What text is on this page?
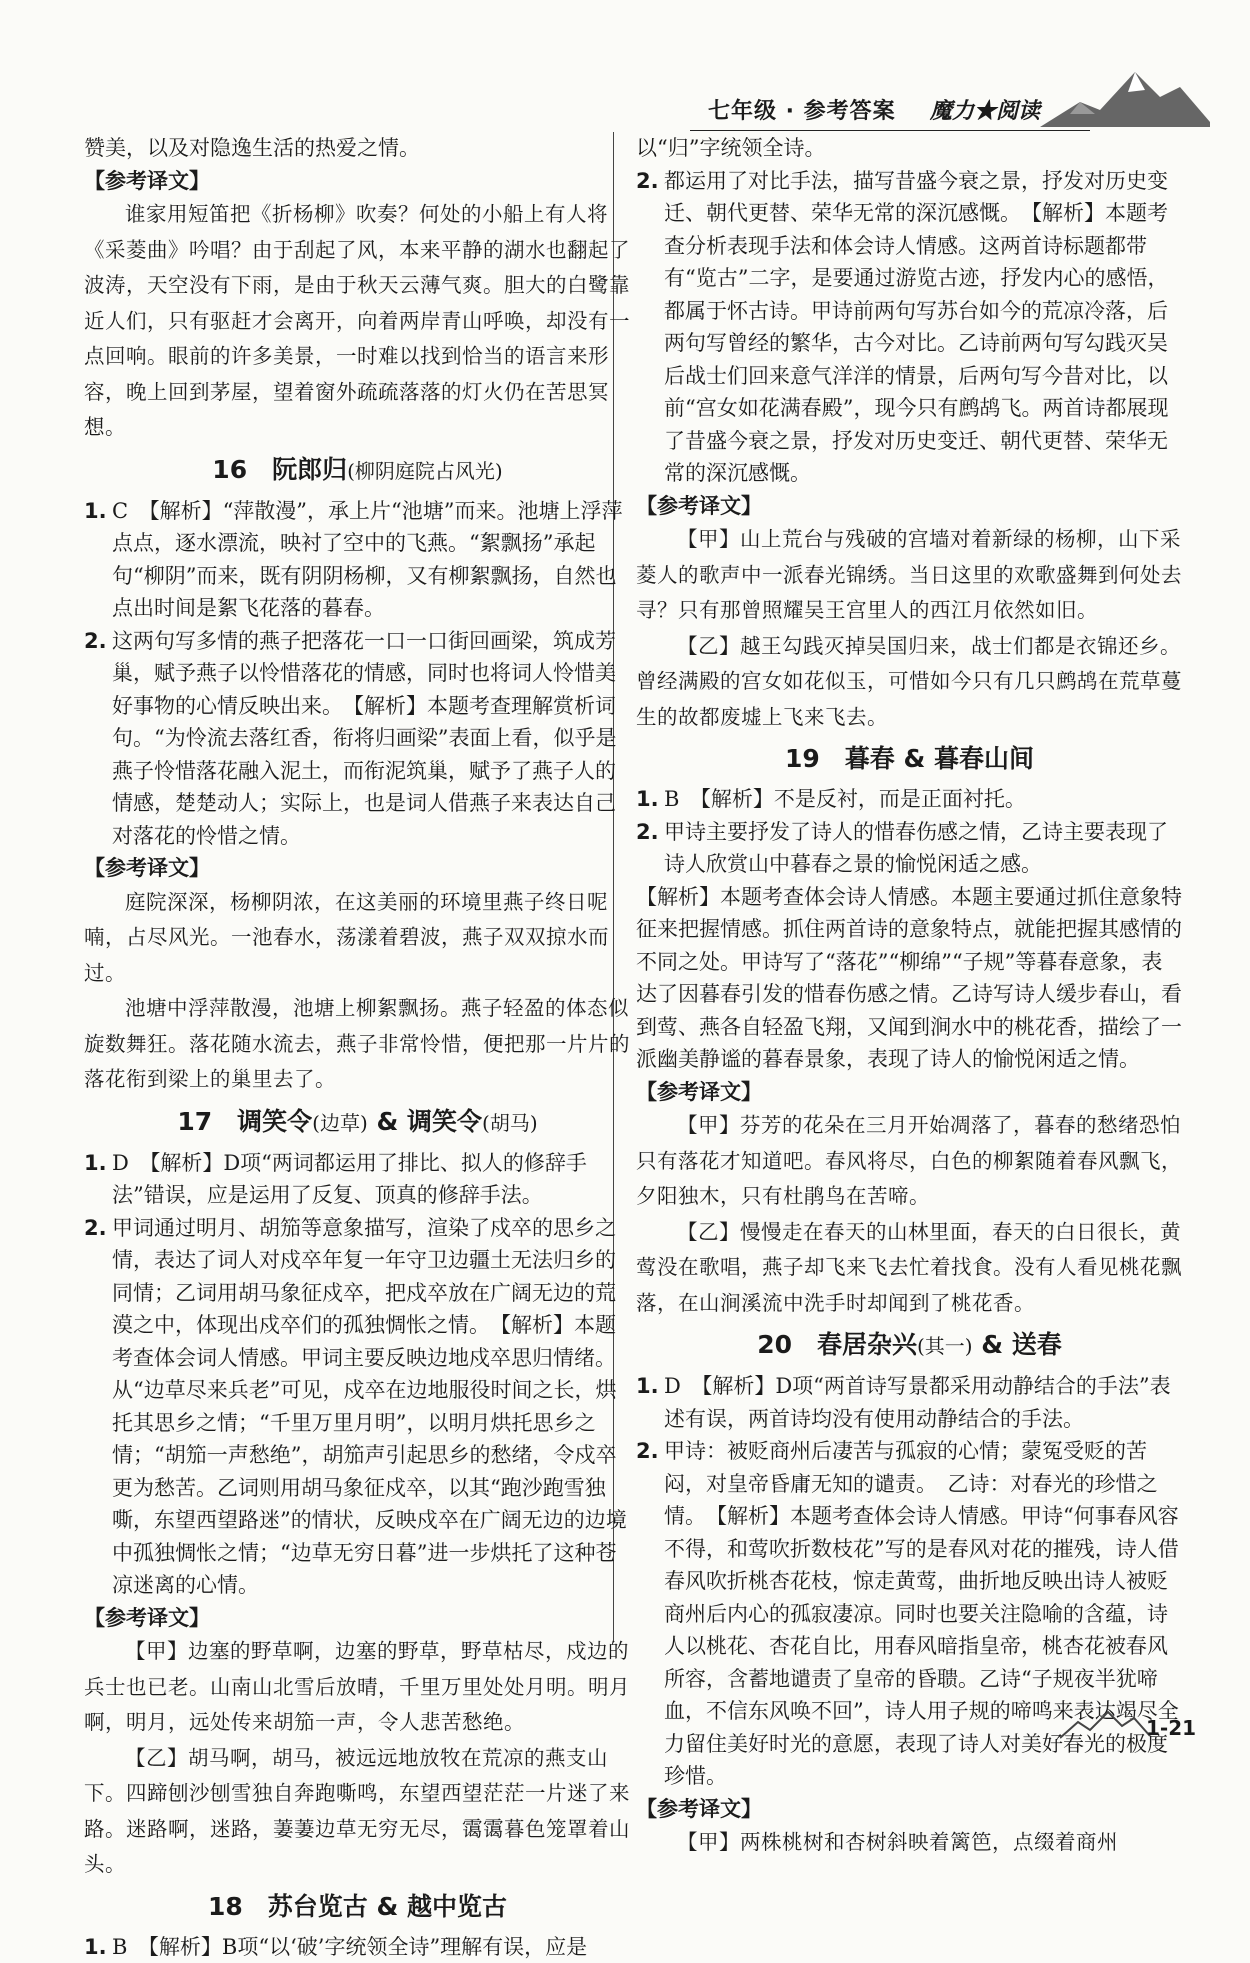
七年级 · 参考答案 魔力★阅读

赞美，以及对隐逸生活的热爱之情。

【参考译文】

谁家用短笛把《折杨柳》吹奏？何处的小船上有人将《采菱曲》吟唱？由于刮起了风，本来平静的湖水也翻起了波涛，天空没有下雨，是由于秋天云薄气爽。胆大的白鹭靠近人们，只有驱赶才会离开，向着两岸青山呼唤，却没有一点回响。眼前的许多美景，一时难以找到恰当的语言来形容，晚上回到茅屋，望着窗外疏疏落落的灯火仍在苦思冥想。

16　阮郎归(柳阴庭院占风光)
1. C　【解析】“萍散漫”，承上片“池塘”而来。池塘上浮萍点点，逐水漂流，映衬了空中的飞燕。“絮飘扬”承起句“柳阴”而来，既有阴阴杨柳，又有柳絮飘扬，自然也点出时间是絮飞花落的暮春。
2. 这两句写多情的燕子把落花一口一口街回画梁，筑成芳巢，赋予燕子以怜惜落花的情感，同时也将词人怜惜美好事物的心情反映出来。　【解析】本题考查理解赏析词句。“为怜流去落红香，衔将归画梁”表面上看，似乎是燕子怜惜落花融入泥土，而衔泥筑巢，赋予了燕子人的情感，楚楚动人；实际上，也是词人借燕子来表达自己对落花的怜惜之情。

【参考译文】

庭院深深，杨柳阴浓，在这美丽的环境里燕子终日呢喃，占尽风光。一池春水，荡漾着碧波，燕子双双掠水而过。

池塘中浮萍散漫，池塘上柳絮飘扬。燕子轻盈的体态似旋数舞狂。落花随水流去，燕子非常怜惜，便把那一片片的落花衔到梁上的巢里去了。

17　调笑令(边草) & 调笑令(胡马)
1. D　【解析】D项“两词都运用了排比、拟人的修辞手法”错误，应是运用了反复、顶真的修辞手法。
2. 甲词通过明月、胡笳等意象描写，渲染了戍卒的思乡之情，表达了词人对戍卒年复一年守卫边疆土无法归乡的同情；乙词用胡马象征戍卒，把戍卒放在广阔无边的荒漠之中，体现出戍卒们的孤独惆怅之情。　【解析】本题考查体会词人情感。甲词主要反映边地戍卒思归情绪。从“边草尽来兵老”可见，戍卒在边地服役时间之长，烘托其思乡之情；“千里万里月明”，以明月烘托思乡之情；“胡笳一声愁绝”，胡笳声引起思乡的愁绪，令戍卒更为愁苦。乙词则用胡马象征戍卒，以其“跑沙跑雪独嘶，东望西望路迷”的情状，反映戍卒在广阔无边的边境中孤独惆怅之情；“边草无穷日暮”进一步烘托了这种苍凉迷离的心情。

【参考译文】

【甲】边塞的野草啊，边塞的野草，野草枯尽，戍边的兵士也已老。山南山北雪后放晴，千里万里处处月明。明月啊，明月，远处传来胡笳一声，令人悲苦愁绝。

【乙】胡马啊，胡马，被远远地放牧在荒凉的燕支山下。四蹄刨沙刨雪独自奔跑嘶鸣，东望西望茫茫一片迷了来路。迷路啊，迷路，萋萋边草无穷无尽，霭霭暮色笼罩着山头。

18　苏台览古 & 越中览古
1. B　【解析】B项“以‘破’字统领全诗”理解有误，应是

以“归”字统领全诗。

2. 都运用了对比手法，描写昔盛今衰之景，抒发对历史变迁、朝代更替、荣华无常的深沉感慨。　【解析】本题考查分析表现手法和体会诗人情感。这两首诗标题都带有“览古”二字，是要通过游览古迹，抒发内心的感悟，都属于怀古诗。甲诗前两句写苏台如今的荒凉冷落，后两句写曾经的繁华，古今对比。乙诗前两句写勾践灭吴后战士们回来意气洋洋的情景，后两句写今昔对比，以前“宫女如花满春殿”，现今只有鹧鸪飞。两首诗都展现了昔盛今衰之景，抒发对历史变迁、朝代更替、荣华无常的深沉感慨。

【参考译文】

【甲】山上荒台与残破的宫墙对着新绿的杨柳，山下采菱人的歌声中一派春光锦绣。当日这里的欢歌盛舞到何处去寻？只有那曾照耀吴王宫里人的西江月依然如旧。

【乙】越王勾践灭掉吴国归来，战士们都是衣锦还乡。曾经满殿的宫女如花似玉，可惜如今只有几只鹧鸪在荒草蔓生的故都废墟上飞来飞去。

19　暮春 & 暮春山间
1. B　【解析】不是反衬，而是正面衬托。
2. 甲诗主要抒发了诗人的惜春伤感之情，乙诗主要表现了诗人欣赏山中暮春之景的愉悦闲适之感。

【解析】本题考查体会诗人情感。本题主要通过抓住意象特征来把握情感。抓住两首诗的意象特点，就能把握其感情的不同之处。甲诗写了“落花”“柳绵”“子规”等暮春意象，表达了因暮春引发的惜春伤感之情。乙诗写诗人缓步春山，看到莺、燕各自轻盈飞翔，又闻到涧水中的桃花香，描绘了一派幽美静谧的暮春景象，表现了诗人的愉悦闲适之情。

【参考译文】

【甲】芬芳的花朵在三月开始凋落了，暮春的愁绪恐怕只有落花才知道吧。春风将尽，白色的柳絮随着春风飘飞，夕阳独木，只有杜鹃鸟在苦啼。

【乙】慢慢走在春天的山林里面，春天的白日很长，黄莺没在歌唱，燕子却飞来飞去忙着找食。没有人看见桃花飘落，在山涧溪流中洗手时却闻到了桃花香。

20　春居杂兴(其一) & 送春
1. D　【解析】D项“两首诗写景都采用动静结合的手法”表述有误，两首诗均没有使用动静结合的手法。
2. 甲诗：被贬商州后凄苦与孤寂的心情；蒙冤受贬的苦闷，对皇帝昏庸无知的谴责。　乙诗：对春光的珍惜之情。　【解析】本题考查体会诗人情感。甲诗“何事春风容不得，和莺吹折数枝花”写的是春风对花的摧残，诗人借春风吹折桃杏花枝，惊走黄莺，曲折地反映出诗人被贬商州后内心的孤寂凄凉。同时也要关注隐喻的含蕴，诗人以桃花、杏花自比，用春风暗指皇帝，桃杏花被春风所容，含蓄地谴责了皇帝的昏聩。乙诗“子规夜半犹啼血，不信东风唤不回”，诗人用子规的啼鸣来表达竭尽全力留住美好时光的意愿，表现了诗人对美好春光的极度珍惜。

【参考译文】

【甲】两株桃树和杏树斜映着篱笆，点缀着商州

1-21
